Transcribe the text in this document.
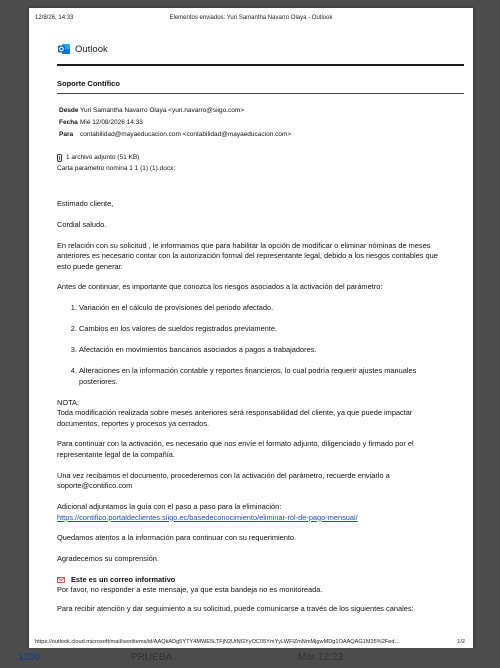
12/8/26, 14:33	Elementos enviados: Yuri Samantha Navarro Olaya - Outlook
Outlook
Soporte Contífico
Desde Yuri Samantha Navarro Olaya <yuri.navarro@siigo.com>
Fecha Mié 12/08/2026 14:33
Para	contabilidad@mayaeducacion.com <contabilidad@mayaeducacion.com>
1 archivo adjunto (51 KB)
Carta parametro nomina 1 1 (1) (1).docx;

Estimado cliente,

Cordial saludo.

En relación con su solicitud , le informamos que para habilitar la opción de modificar o eliminar nóminas de meses anteriores es necesario contar con la autorización formal del representante legal, debido a los riesgos contables que esto puede generar.

Antes de continuar, es importante que conozca los riesgos asociados a la activación del parámetro:

1. Variación en el cálculo de provisiones del periodo afectado.
2. Cambios en los valores de sueldos registrados previamente.
3. Afectación en movimientos bancarios asociados a pagos a trabajadores.
4. Alteraciones en la información contable y reportes financieros, lo cual podría requerir ajustes manuales posteriores.

NOTA:
Toda modificación realizada sobre meses anteriores será responsabilidad del cliente, ya que puede impactar documentos, reportes y procesos ya cerrados.

Para continuar con la activación, es necesario que nos envíe el formato adjunto, diligenciado y firmado por el representante legal de la compañía.

Una vez recibamos el documento, procederemos con la activación del parámetro, recuerde enviarlo a soporte@contifico.com

Adicional adjuntamos la guía con el paso a paso para la eliminación:
https://contifico.portaldeclientes.siigo.ec/basedeconocimiento/eliminar-rol-de-pago-mensual/

Quedamos atentos a la información para continuar con su requerimiento.

Agradecemos su comprensión.

Este es un correo informativo
Por favor, no responder a este mensaje, ya que esta bandeja no es monitoreada.

Para recibir atención y dar seguimiento a su solicitud, puede comunicarse a través de los siguientes canales:

https://outlook.cloud.microsoft/mail/sentitems/id/AAQkADg5YTY4MWE5LTFjN2UtNGYyOC05YmYyLWFlZmNmMjgwMDg1OAAQAG1M35%2Fed…	1/2
1200	PRUEBA	Mar 12:23
